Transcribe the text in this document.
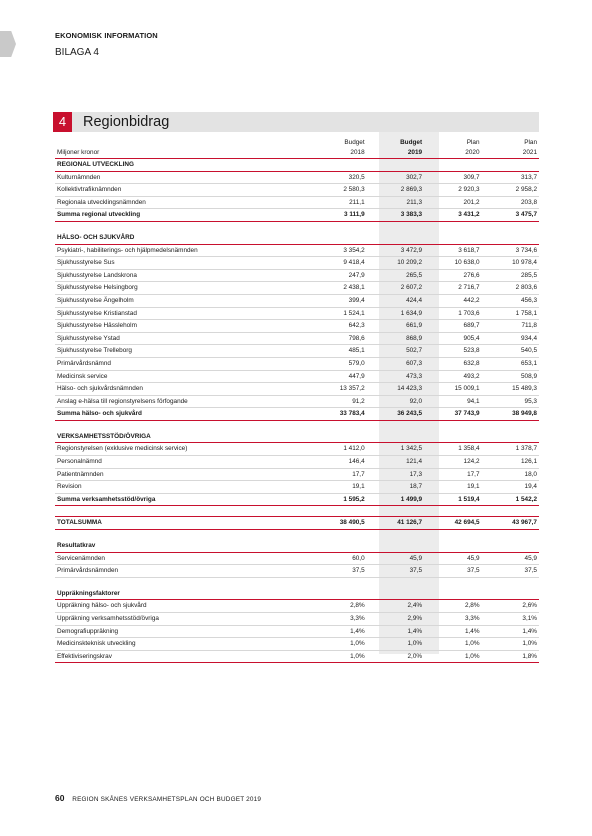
EKONOMISK INFORMATION
BILAGA 4
4	Regionbidrag
	Budget	Budget	Plan	Plan
Miljoner kronor	2018	2019	2020	2021
REGIONAL UTVECKLING				
Kulturnämnden	320,5	302,7	309,7	313,7
Kollektivtrafiknämnden	2 580,3	2 869,3	2 920,3	2 958,2
Regionala utvecklingsnämnden	211,1	211,3	201,2	203,8
Summa regional utveckling	3 111,9	3 383,3	3 431,2	3 475,7

HÄLSO- OCH SJUKVÅRD				
Psykiatri-, habiliterings- och hjälpmedelsnämnden	3 354,2	3 472,9	3 618,7	3 734,6
Sjukhusstyrelse Sus	9 418,4	10 209,2	10 638,0	10 978,4
Sjukhusstyrelse Landskrona	247,9	265,5	276,6	285,5
Sjukhusstyrelse Helsingborg	2 438,1	2 607,2	2 716,7	2 803,6
Sjukhusstyrelse Ängelholm	399,4	424,4	442,2	456,3
Sjukhusstyrelse Kristianstad	1 524,1	1 634,9	1 703,6	1 758,1
Sjukhusstyrelse Hässleholm	642,3	661,9	689,7	711,8
Sjukhusstyrelse Ystad	798,6	868,9	905,4	934,4
Sjukhusstyrelse Trelleborg	485,1	502,7	523,8	540,5
Primärvårdsnämnd	579,0	607,3	632,8	653,1
Medicinsk service	447,9	473,3	493,2	508,9
Hälso- och sjukvårdsnämnden	13 357,2	14 423,3	15 009,1	15 489,3
Anslag e-hälsa till regionstyrelsens förfogande	91,2	92,0	94,1	95,3
Summa hälso- och sjukvård	33 783,4	36 243,5	37 743,9	38 949,8

VERKSAMHETSSTÖD/ÖVRIGA				
Regionstyrelsen (exklusive medicinsk service)	1 412,0	1 342,5	1 358,4	1 378,7
Personalnämnd	146,4	121,4	124,2	126,1
Patientnämnden	17,7	17,3	17,7	18,0
Revision	19,1	18,7	19,1	19,4
Summa verksamhetsstöd/övriga	1 595,2	1 499,9	1 519,4	1 542,2

TOTALSUMMA	38 490,5	41 126,7	42 694,5	43 967,7

Resultatkrav				
Servicenämnden	60,0	45,9	45,9	45,9
Primärvårdsnämnden	37,5	37,5	37,5	37,5

Uppräkningsfaktorer				
Uppräkning hälso- och sjukvård	2,8%	2,4%	2,8%	2,6%
Uppräkning verksamhetsstöd/övriga	3,3%	2,9%	3,3%	3,1%
Demografiuppräkning	1,4%	1,4%	1,4%	1,4%
Medicinskteknisk utveckling	1,0%	1,0%	1,0%	1,0%
Effektiviseringskrav	1,0%	2,0%	1,0%	1,8%
60 REGION SKÅNES VERKSAMHETSPLAN OCH BUDGET 2019
